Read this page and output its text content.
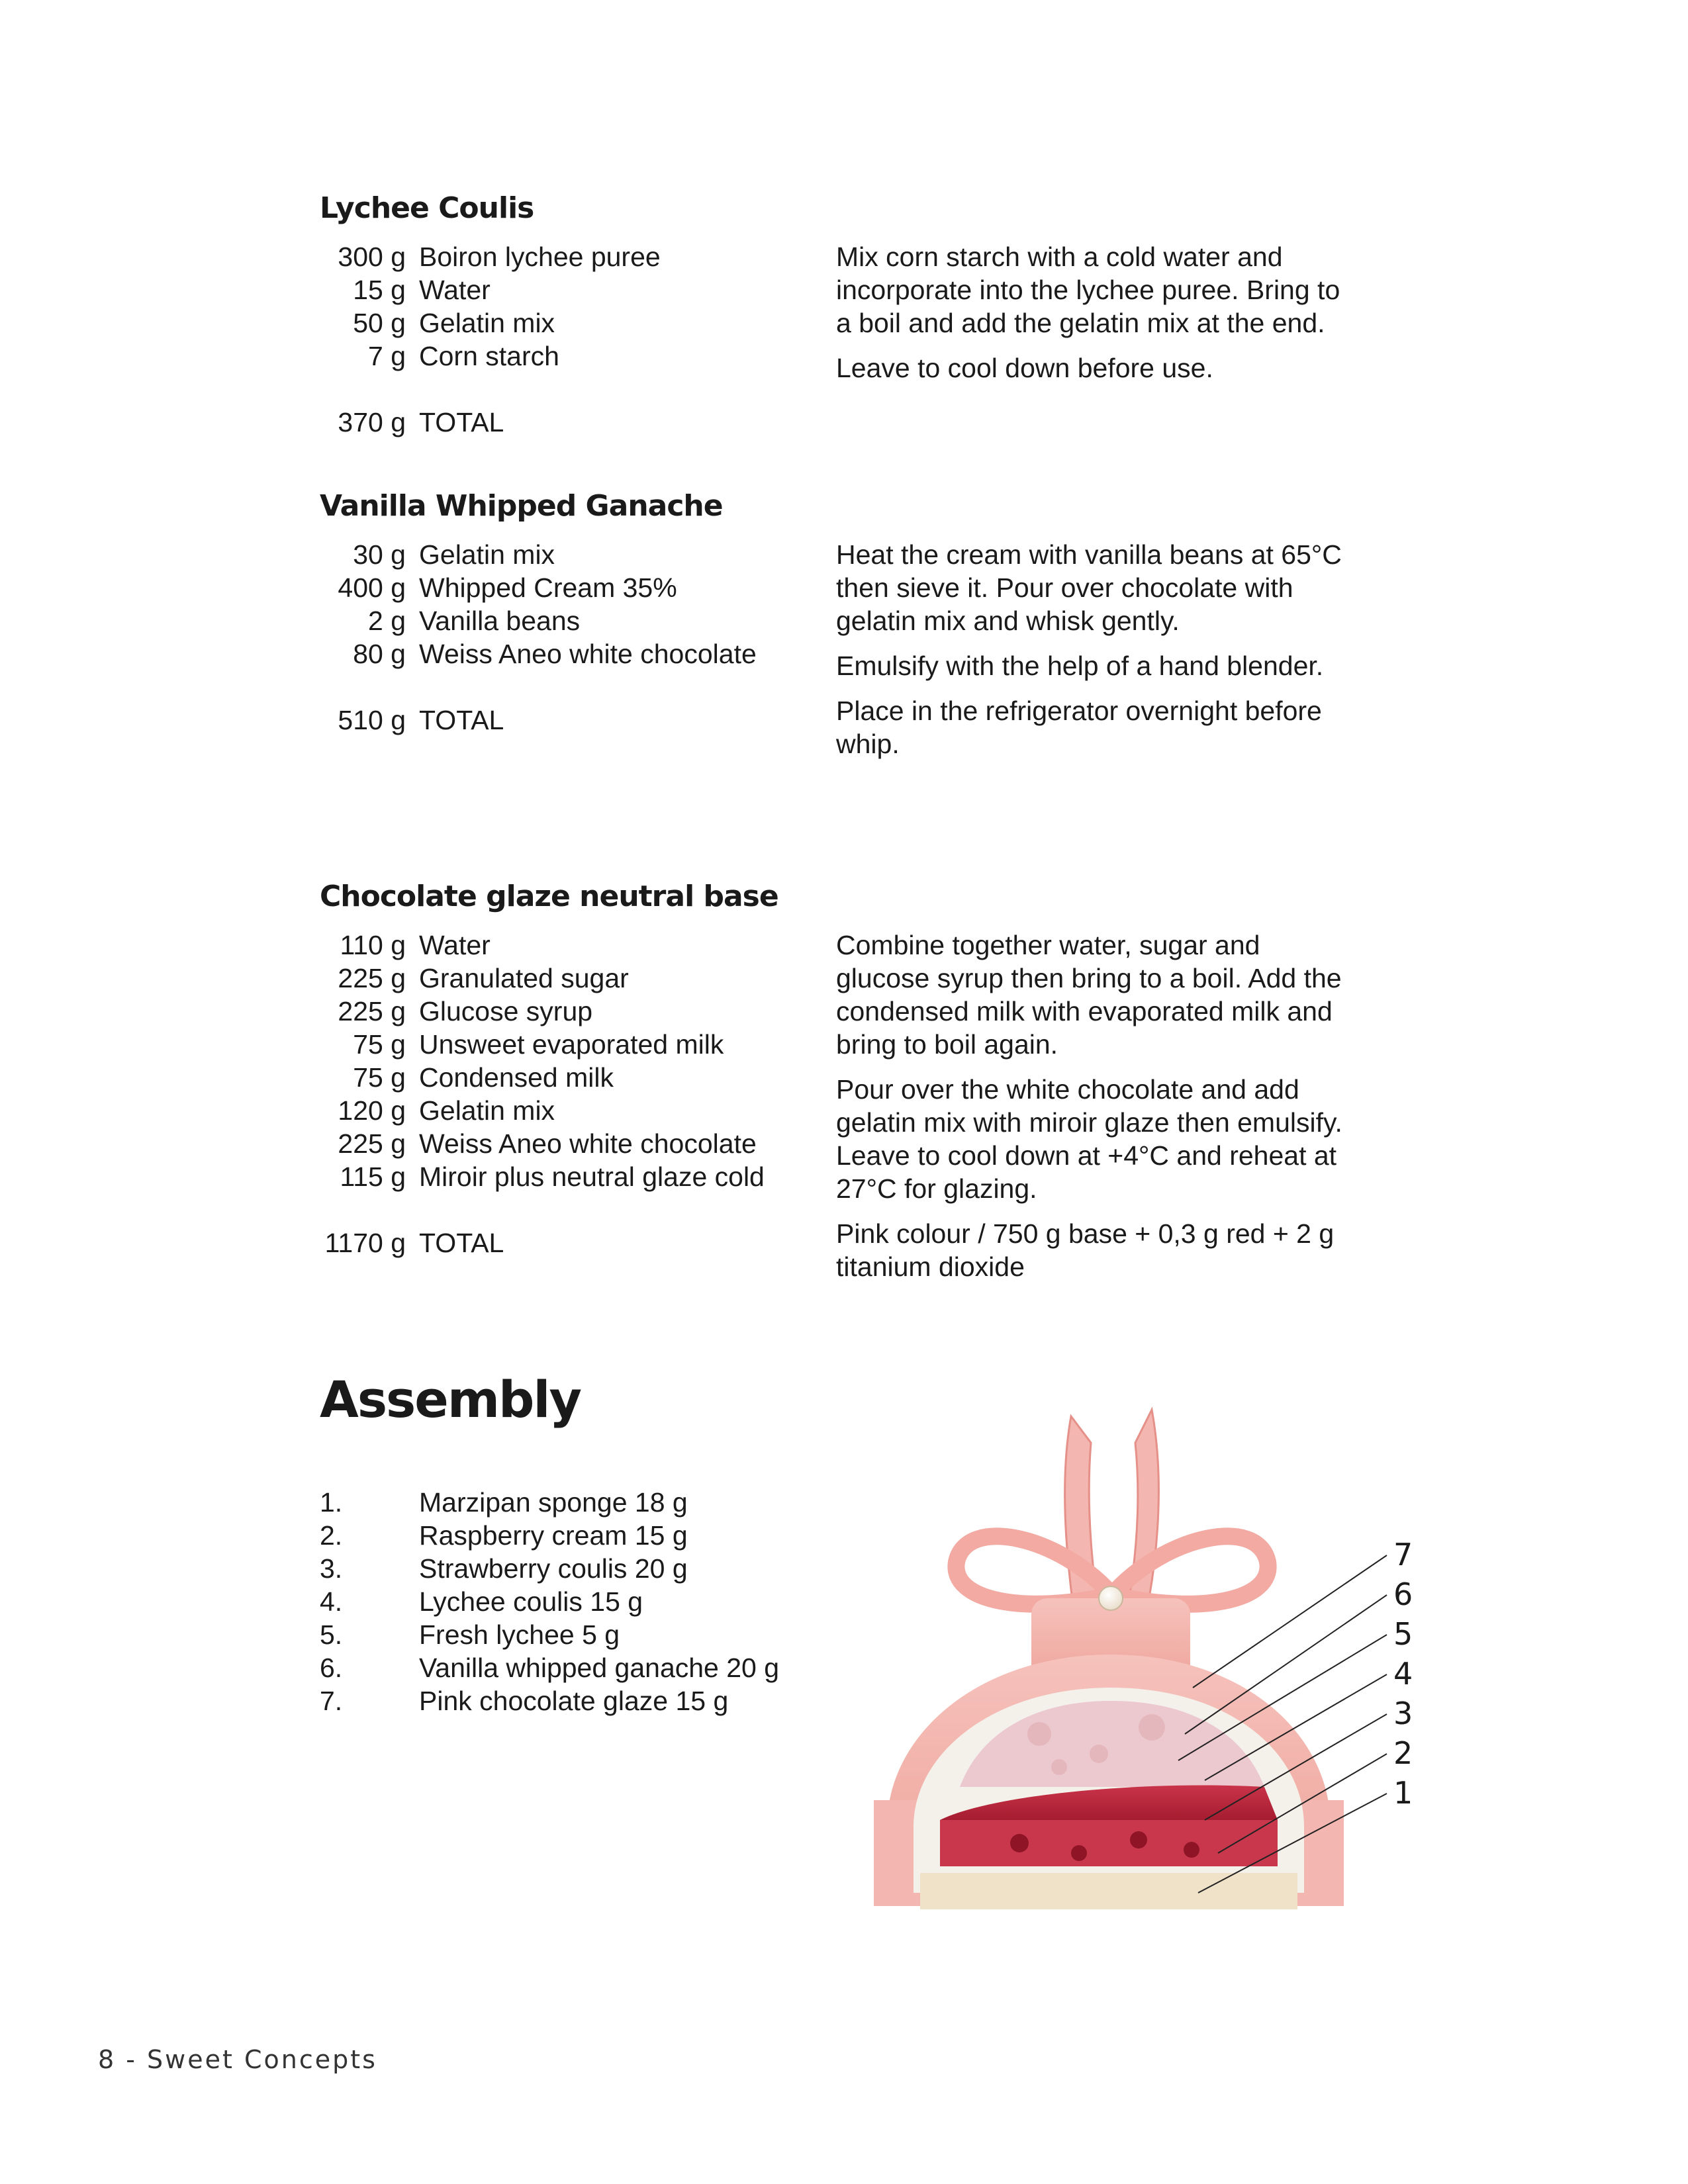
Lychee Coulis
300 g Boiron lychee puree
15 g Water
50 g Gelatin mix
7 g Corn starch
370 g TOTAL

Mix corn starch with a cold water and incorporate into the lychee puree. Bring to a boil and add the gelatin mix at the end.

Leave to cool down before use.

Vanilla Whipped Ganache
30 g Gelatin mix
400 g Whipped Cream 35%
2 g Vanilla beans
80 g Weiss Aneo white chocolate
510 g TOTAL

Heat the cream with vanilla beans at 65°C then sieve it. Pour over chocolate with gelatin mix and whisk gently.

Emulsify with the help of a hand blender.

Place in the refrigerator overnight before whip.

Chocolate glaze neutral base
110 g Water
225 g Granulated sugar
225 g Glucose syrup
75 g Unsweet evaporated milk
75 g Condensed milk
120 g Gelatin mix
225 g Weiss Aneo white chocolate
115 g Miroir plus neutral glaze cold
1170 g TOTAL

Combine together water, sugar and glucose syrup then bring to a boil. Add the condensed milk with evaporated milk and bring to boil again.

Pour over the white chocolate and add gelatin mix with miroir glaze then emulsify. Leave to cool down at +4°C and reheat at 27°C for glazing.

Pink colour / 750 g base + 0,3 g red + 2 g titanium dioxide

Assembly
1.	Marzipan sponge 18 g
2.	Raspberry cream 15 g
3.	Strawberry coulis 20 g
4.	Lychee coulis 15 g
5.	Fresh lychee 5 g
6.	Vanilla whipped ganache 20 g
7.	Pink chocolate glaze 15 g
7
6
5
4
3
2
1
8 - Sweet Concepts
